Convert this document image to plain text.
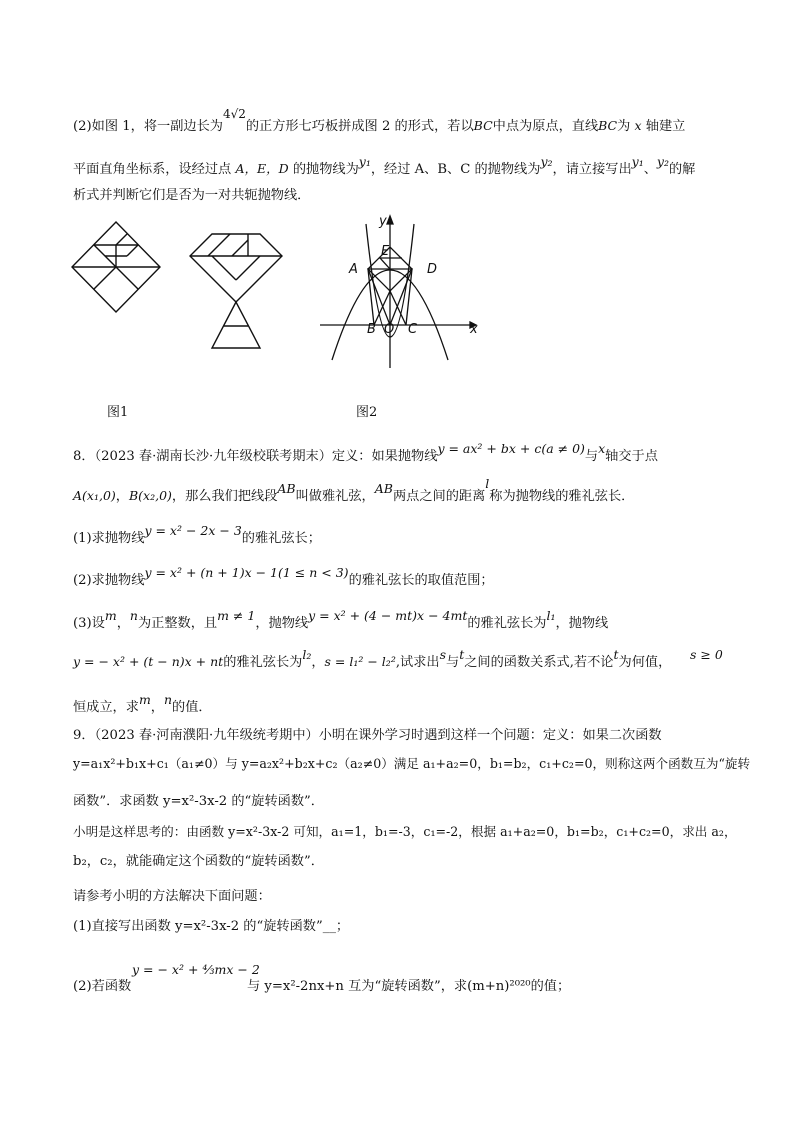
(2)如图 1，将一副边长为4√2的正方形七巧板拼成图 2 的形式，若以BC中点为原点，直线BC为 x 轴建立
平面直角坐标系，设经过点 A，E，D 的抛物线为y₁，经过 A、B、C 的抛物线为y₂，请立接写出y₁、y₂的解
析式并判断它们是否为一对共轭抛物线．
y
x
E
A	D
B O C
图1	图2
8．（2023 春·湖南长沙·九年级校联考期末）定义：如果抛物线y = ax² + bx + c(a ≠ 0)与x轴交于点
A(x₁,0)，B(x₂,0)，那么我们把线段AB叫做雅礼弦，AB两点之间的距离l称为抛物线的雅礼弦长．
(1)求抛物线y = x² − 2x − 3的雅礼弦长；
(2)求抛物线y = x² + (n + 1)x − 1(1 ≤ n < 3)的雅礼弦长的取值范围；
(3)设m，n为正整数，且m ≠ 1，抛物线y = x² + (4 − mt)x − 4mt的雅礼弦长为l₁，抛物线
y = − x² + (t − n)x + nt的雅礼弦长为l₂，s = l₁² − l₂²,试求出s与t之间的函数关系式,若不论t为何值，
s ≥ 0
恒成立，求m，n的值．
9．（2023 春·河南濮阳·九年级统考期中）小明在课外学习时遇到这样一个问题：定义：如果二次函数
y=a₁x²+b₁x+c₁（a₁≠0）与 y=a₂x²+b₂x+c₂（a₂≠0）满足 a₁+a₂=0，b₁=b₂，c₁+c₂=0，则称这两个函数互为“旋转
函数”．求函数 y=x²-3x-2 的“旋转函数”．
小明是这样思考的：由函数 y=x²-3x-2 可知，a₁=1，b₁=-3，c₁=-2，根据 a₁+a₂=0，b₁=b₂，c₁+c₂=0，求出 a₂，
b₂，c₂，就能确定这个函数的“旋转函数”．
请参考小明的方法解决下面问题：
(1)直接写出函数 y=x²-3x-2 的“旋转函数”__；
(2)若函数
y = − x² + ⁴⁄₃mx − 2
与 y=x²-2nx+n 互为“旋转函数”，求(m+n)²⁰²⁰的值；
